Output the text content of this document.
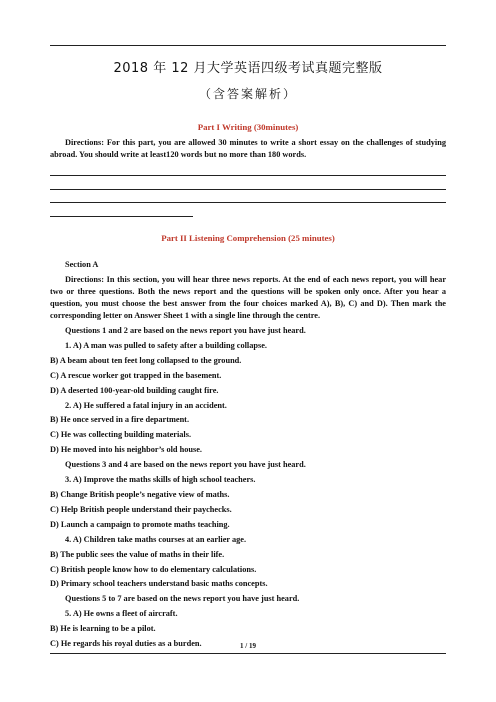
2018 年 12 月大学英语四级考试真题完整版
（含答案解析）
Part I Writing (30minutes)

Directions: For this part, you are allowed 30 minutes to write a short essay on the challenges of studying abroad. You should write at least120 words but no more than 180 words.

Part II Listening Comprehension (25 minutes)

Section A

Directions: In this section, you will hear three news reports. At the end of each news report, you will hear two or three questions. Both the news report and the questions will be spoken only once. After you hear a question, you must choose the best answer from the four choices marked A), B), C) and D). Then mark the corresponding letter on Answer Sheet 1 with a single line through the centre.

Questions 1 and 2 are based on the news report you have just heard.

1. A) A man was pulled to safety after a building collapse.

B) A beam about ten feet long collapsed to the ground.

C) A rescue worker got trapped in the basement.

D) A deserted 100-year-old building caught fire.

2. A) He suffered a fatal injury in an accident.

B) He once served in a fire department.

C) He was collecting building materials.

D) He moved into his neighbor’s old house.

Questions 3 and 4 are based on the news report you have just heard.

3. A) Improve the maths skills of high school teachers.

B) Change British people’s negative view of maths.

C) Help British people understand their paychecks.

D) Launch a campaign to promote maths teaching.

4. A) Children take maths courses at an earlier age.

B) The public sees the value of maths in their life.

C) British people know how to do elementary calculations.

D) Primary school teachers understand basic maths concepts.

Questions 5 to 7 are based on the news report you have just heard.

5. A) He owns a fleet of aircraft.

B) He is learning to be a pilot.

C) He regards his royal duties as a burden.	1 / 19
